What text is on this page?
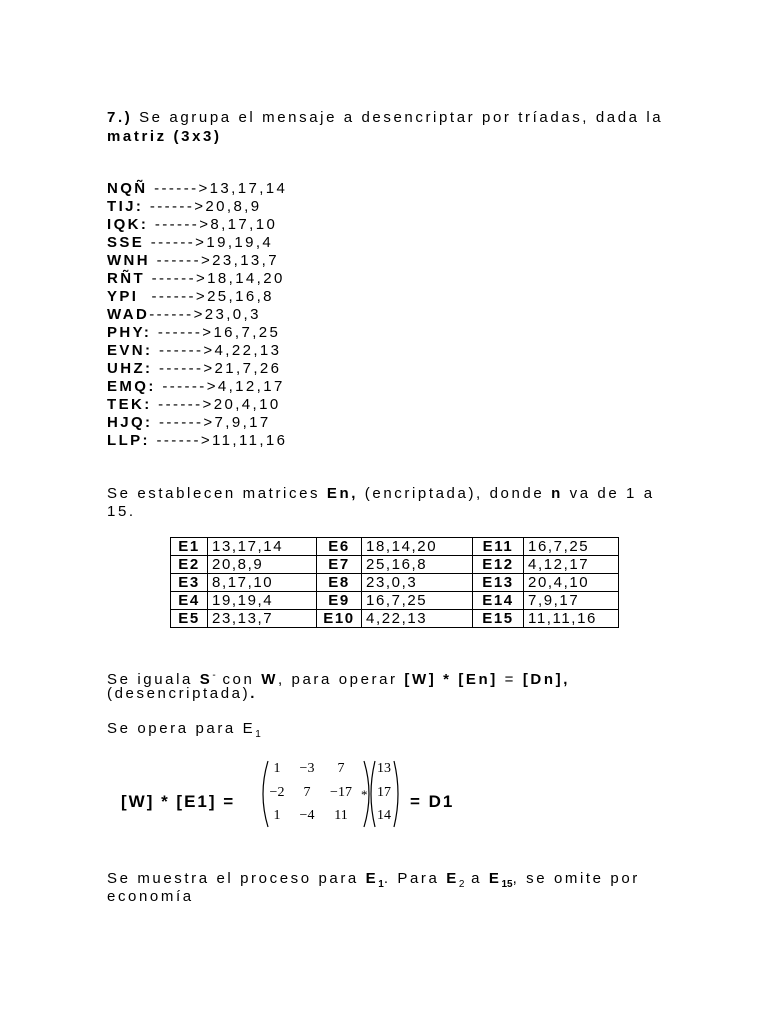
7.) Se agrupa el mensaje a desencriptar por tríadas, dada la
matriz (3x3)
NQÑ ------>13,17,14
TIJ: ------>20,8,9
IQK: ------>8,17,10
SSE ------>19,19,4
WNH ------>23,13,7
RÑT ------>18,14,20
YPI  ------>25,16,8
WAD------>23,0,3
PHY: ------>16,7,25
EVN: ------>4,22,13
UHZ: ------>21,7,26
EMQ: ------>4,12,17
TEK: ------>20,4,10
HJQ: ------>7,9,17
LLP: ------>11,11,16
Se establecen matrices En, (encriptada), donde n va de 1 a
15.
E1	13,17,14	E6	18,14,20	E11	16,7,25
E2	20,8,9	E7	25,16,8	E12	4,12,17
E3	8,17,10	E8	23,0,3	E13	20,4,10
E4	19,19,4	E9	16,7,25	E14	7,9,17
E5	23,13,7	E10	4,22,13	E15	11,11,16
Se iguala S- con W, para operar [W] * [En] = [Dn],
(desencriptada).
Se opera para $E_1$
[W] * [E1] =
1	−3	7
−2	7	−17
1	−4	11
*
13
17
14
= D1
Se muestra el proceso para $E_1$. Para $E_2$ a $E_{15}$, se omite por
economía
